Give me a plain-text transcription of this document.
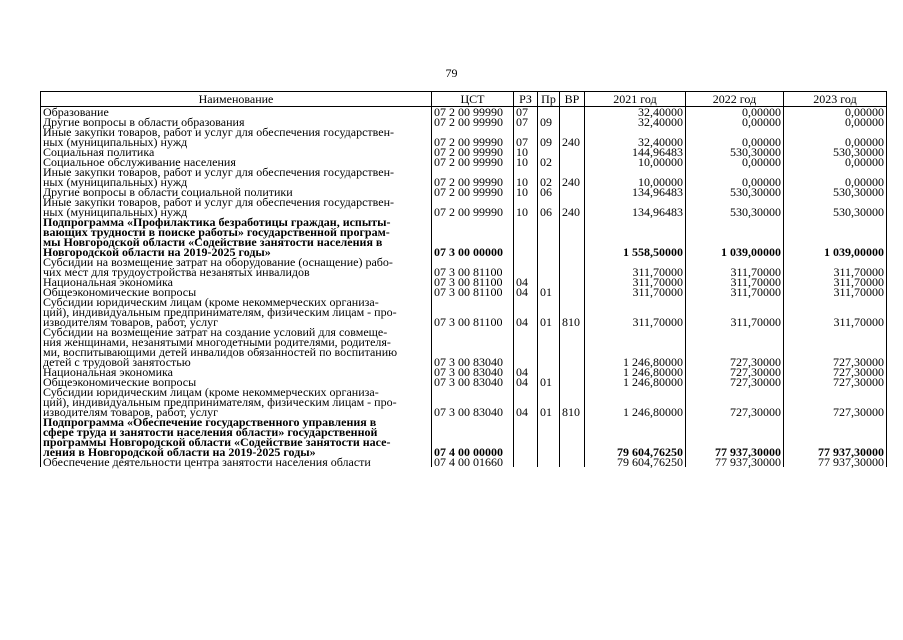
79
Наименование	ЦСТ	РЗ	Пр	ВР	2021 год	2022 год	2023 год
Образование	07 2 00 99990	07			32,40000	0,00000	0,00000
Другие вопросы в области образования	07 2 00 99990	07	09		32,40000	0,00000	0,00000
Иные закупки товаров, работ и услуг для обеспечения государствен-
ных (муниципальных) нужд	07 2 00 99990	07	09	240	32,40000	0,00000	0,00000
Социальная политика	07 2 00 99990	10			144,96483	530,30000	530,30000
Социальное обслуживание населения	07 2 00 99990	10	02		10,00000	0,00000	0,00000
Иные закупки товаров, работ и услуг для обеспечения государствен-
ных (муниципальных) нужд	07 2 00 99990	10	02	240	10,00000	0,00000	0,00000
Другие вопросы в области социальной политики	07 2 00 99990	10	06		134,96483	530,30000	530,30000
Иные закупки товаров, работ и услуг для обеспечения государствен-
ных (муниципальных) нужд	07 2 00 99990	10	06	240	134,96483	530,30000	530,30000
Подпрограмма «Профилактика безработицы граждан, испыты-
вающих трудности в поиске работы» государственной програм-
мы Новгородской области «Содействие занятости населения в
Новгородской области на 2019-2025 годы»	07 3 00 00000				1 558,50000	1 039,00000	1 039,00000
Субсидии на возмещение затрат на оборудование (оснащение) рабо-
чих мест для трудоустройства незанятых инвалидов	07 3 00 81100				311,70000	311,70000	311,70000
Национальная экономика	07 3 00 81100	04			311,70000	311,70000	311,70000
Общеэкономические вопросы	07 3 00 81100	04	01		311,70000	311,70000	311,70000
Субсидии юридическим лицам (кроме некоммерческих организа-
ций), индивидуальным предпринимателям, физическим лицам - про-
изводителям товаров, работ, услуг	07 3 00 81100	04	01	810	311,70000	311,70000	311,70000
Субсидии на возмещение затрат на создание условий для совмеще-
ния женщинами, незанятыми многодетными родителями, родителя-
ми, воспитывающими детей инвалидов обязанностей по воспитанию
детей с трудовой занятостью	07 3 00 83040				1 246,80000	727,30000	727,30000
Национальная экономика	07 3 00 83040	04			1 246,80000	727,30000	727,30000
Общеэкономические вопросы	07 3 00 83040	04	01		1 246,80000	727,30000	727,30000
Субсидии юридическим лицам (кроме некоммерческих организа-
ций), индивидуальным предпринимателям, физическим лицам - про-
изводителям товаров, работ, услуг	07 3 00 83040	04	01	810	1 246,80000	727,30000	727,30000
Подпрограмма «Обеспечение государственного управления в
сфере труда и занятости населения области» государственной
программы Новгородской области «Содействие занятости насе-
ления в Новгородской области на 2019-2025 годы»	07 4 00 00000				79 604,76250	77 937,30000	77 937,30000
Обеспечение деятельности центра занятости населения области	07 4 00 01660				79 604,76250	77 937,30000	77 937,30000
